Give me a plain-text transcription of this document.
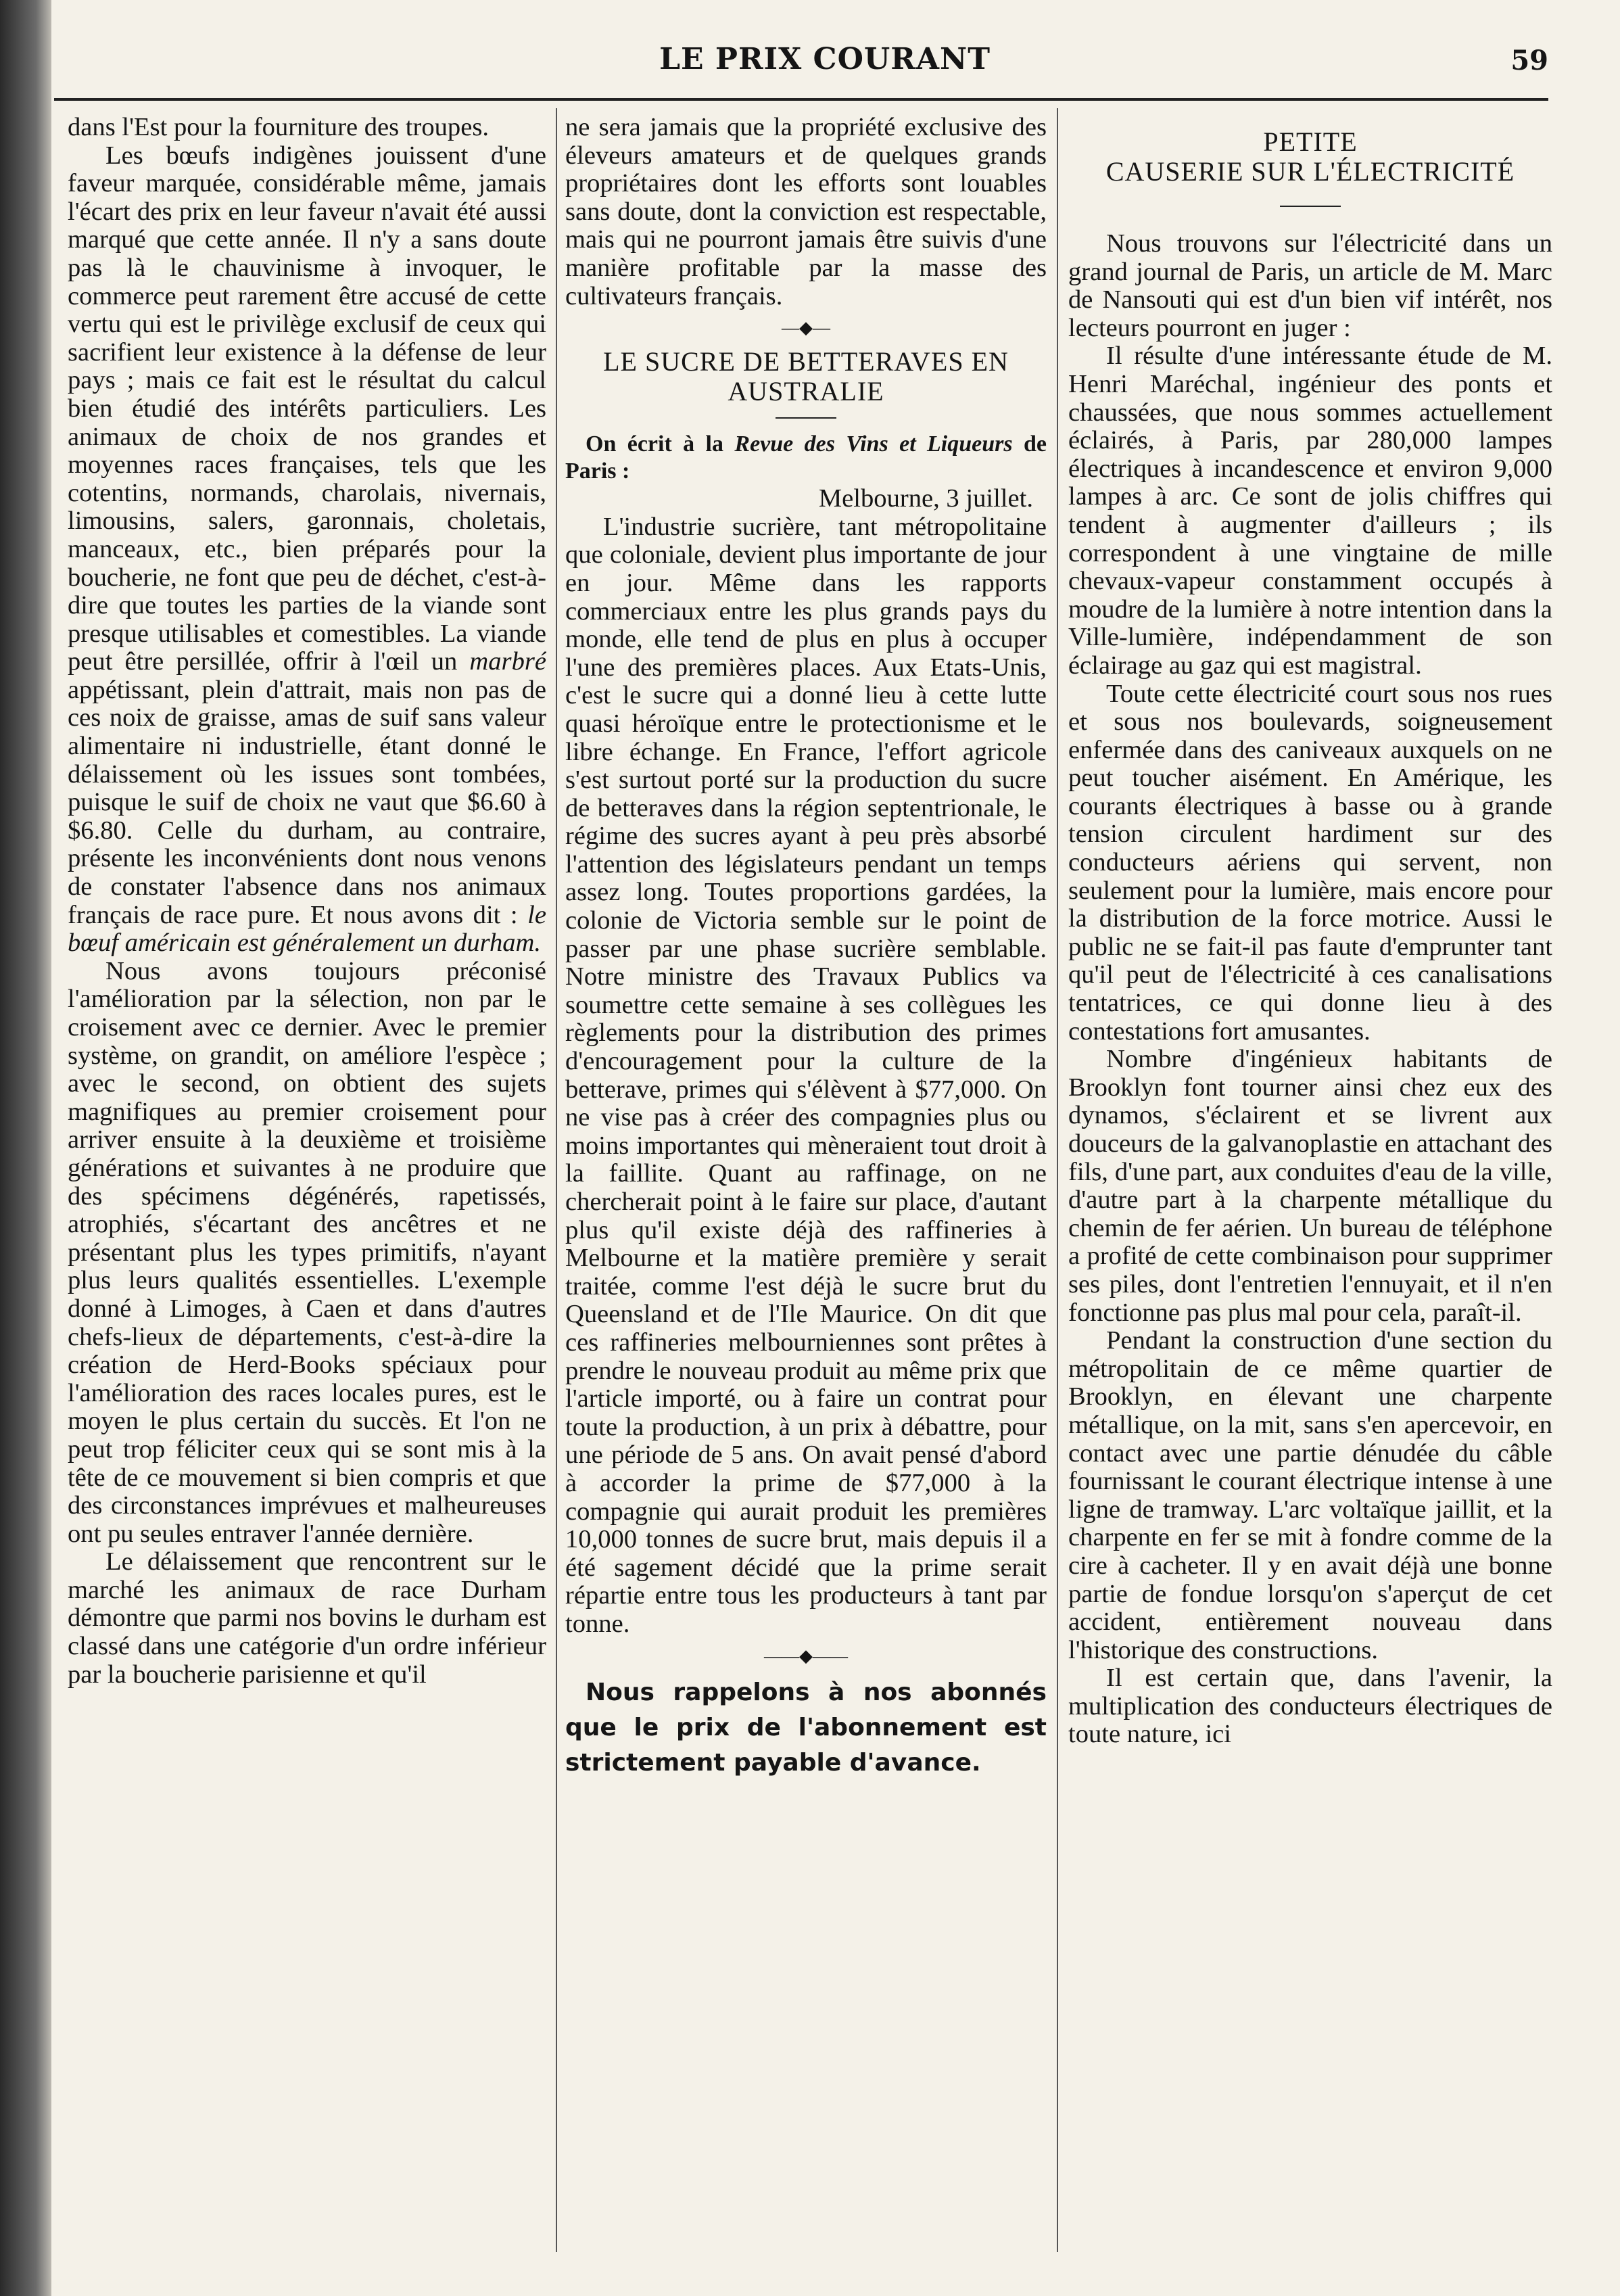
LE PRIX COURANT	59

dans l'Est pour la fourniture des troupes.

Les bœufs indigènes jouissent d'une faveur marquée, considérable même, jamais l'écart des prix en leur faveur n'avait été aussi marqué que cette année. Il n'y a sans doute pas là le chauvinisme à invoquer, le commerce peut rarement être accusé de cette vertu qui est le privilège exclusif de ceux qui sacrifient leur existence à la défense de leur pays ; mais ce fait est le résultat du calcul bien étudié des intérêts particuliers. Les animaux de choix de nos grandes et moyennes races françaises, tels que les cotentins, normands, charolais, nivernais, limousins, salers, garonnais, choletais, manceaux, etc., bien préparés pour la boucherie, ne font que peu de déchet, c'est-à-dire que toutes les parties de la viande sont presque utilisables et comestibles. La viande peut être persillée, offrir à l'œil un marbré appétissant, plein d'attrait, mais non pas de ces noix de graisse, amas de suif sans valeur alimentaire ni industrielle, étant donné le délaissement où les issues sont tombées, puisque le suif de choix ne vaut que $6.60 à $6.80. Celle du durham, au contraire, présente les inconvénients dont nous venons de constater l'absence dans nos animaux français de race pure. Et nous avons dit : le bœuf américain est généralement un durham.

Nous avons toujours préconisé l'amélioration par la sélection, non par le croisement avec ce dernier. Avec le premier système, on grandit, on améliore l'espèce ; avec le second, on obtient des sujets magnifiques au premier croisement pour arriver ensuite à la deuxième et troisième générations et suivantes à ne produire que des spécimens dégénérés, rapetissés, atrophiés, s'écartant des ancêtres et ne présentant plus les types primitifs, n'ayant plus leurs qualités essentielles. L'exemple donné à Limoges, à Caen et dans d'autres chefs-lieux de départements, c'est-à-dire la création de Herd-Books spéciaux pour l'amélioration des races locales pures, est le moyen le plus certain du succès. Et l'on ne peut trop féliciter ceux qui se sont mis à la tête de ce mouvement si bien compris et que des circonstances imprévues et malheureuses ont pu seules entraver l'année dernière.

Le délaissement que rencontrent sur le marché les animaux de race Durham démontre que parmi nos bovins le durham est classé dans une catégorie d'un ordre inférieur par la boucherie parisienne et qu'il

ne sera jamais que la propriété exclusive des éleveurs amateurs et de quelques grands propriétaires dont les efforts sont louables sans doute, dont la conviction est respectable, mais qui ne pourront jamais être suivis d'une manière profitable par la masse des cultivateurs français.

—◆—

LE SUCRE DE BETTERAVES EN

AUSTRALIE

On écrit à la Revue des Vins et Liqueurs de Paris :

Melbourne, 3 juillet.

L'industrie sucrière, tant métropolitaine que coloniale, devient plus importante de jour en jour. Même dans les rapports commerciaux entre les plus grands pays du monde, elle tend de plus en plus à occuper l'une des premières places. Aux Etats-Unis, c'est le sucre qui a donné lieu à cette lutte quasi héroïque entre le protectionisme et le libre échange. En France, l'effort agricole s'est surtout porté sur la production du sucre de betteraves dans la région septentrionale, le régime des sucres ayant à peu près absorbé l'attention des législateurs pendant un temps assez long. Toutes proportions gardées, la colonie de Victoria semble sur le point de passer par une phase sucrière semblable. Notre ministre des Travaux Publics va soumettre cette semaine à ses collègues les règlements pour la distribution des primes d'encouragement pour la culture de la betterave, primes qui s'élèvent à $77,000. On ne vise pas à créer des compagnies plus ou moins importantes qui mèneraient tout droit à la faillite. Quant au raffinage, on ne chercherait point à le faire sur place, d'autant plus qu'il existe déjà des raffineries à Melbourne et la matière première y serait traitée, comme l'est déjà le sucre brut du Queensland et de l'Ile Maurice. On dit que ces raffineries melbourniennes sont prêtes à prendre le nouveau produit au même prix que l'article importé, ou à faire un contrat pour toute la production, à un prix à débattre, pour une période de 5 ans. On avait pensé d'abord à accorder la prime de $77,000 à la compagnie qui aurait produit les premières 10,000 tonnes de sucre brut, mais depuis il a été sagement décidé que la prime serait répartie entre tous les producteurs à tant par tonne.

——◆——

Nous rappelons à nos abonnés que le prix de l'abonnement est strictement payable d'avance.

PETITE

CAUSERIE SUR L'ÉLECTRICITÉ

Nous trouvons sur l'électricité dans un grand journal de Paris, un article de M. Marc de Nansouti qui est d'un bien vif intérêt, nos lecteurs pourront en juger :

Il résulte d'une intéressante étude de M. Henri Maréchal, ingénieur des ponts et chaussées, que nous sommes actuellement éclairés, à Paris, par 280,000 lampes électriques à incandescence et environ 9,000 lampes à arc. Ce sont de jolis chiffres qui tendent à augmenter d'ailleurs ; ils correspondent à une vingtaine de mille chevaux-vapeur constamment occupés à moudre de la lumière à notre intention dans la Ville-lumière, indépendamment de son éclairage au gaz qui est magistral.

Toute cette électricité court sous nos rues et sous nos boulevards, soigneusement enfermée dans des caniveaux auxquels on ne peut toucher aisément. En Amérique, les courants électriques à basse ou à grande tension circulent hardiment sur des conducteurs aériens qui servent, non seulement pour la lumière, mais encore pour la distribution de la force motrice. Aussi le public ne se fait-il pas faute d'emprunter tant qu'il peut de l'électricité à ces canalisations tentatrices, ce qui donne lieu à des contestations fort amusantes.

Nombre d'ingénieux habitants de Brooklyn font tourner ainsi chez eux des dynamos, s'éclairent et se livrent aux douceurs de la galvanoplastie en attachant des fils, d'une part, aux conduites d'eau de la ville, d'autre part à la charpente métallique du chemin de fer aérien. Un bureau de téléphone a profité de cette combinaison pour supprimer ses piles, dont l'entretien l'ennuyait, et il n'en fonctionne pas plus mal pour cela, paraît-il.

Pendant la construction d'une section du métropolitain de ce même quartier de Brooklyn, en élevant une charpente métallique, on la mit, sans s'en apercevoir, en contact avec une partie dénudée du câble fournissant le courant électrique intense à une ligne de tramway. L'arc voltaïque jaillit, et la charpente en fer se mit à fondre comme de la cire à cacheter. Il y en avait déjà une bonne partie de fondue lorsqu'on s'aperçut de cet accident, entièrement nouveau dans l'historique des constructions.

Il est certain que, dans l'avenir, la multiplication des conducteurs électriques de toute nature, ici
